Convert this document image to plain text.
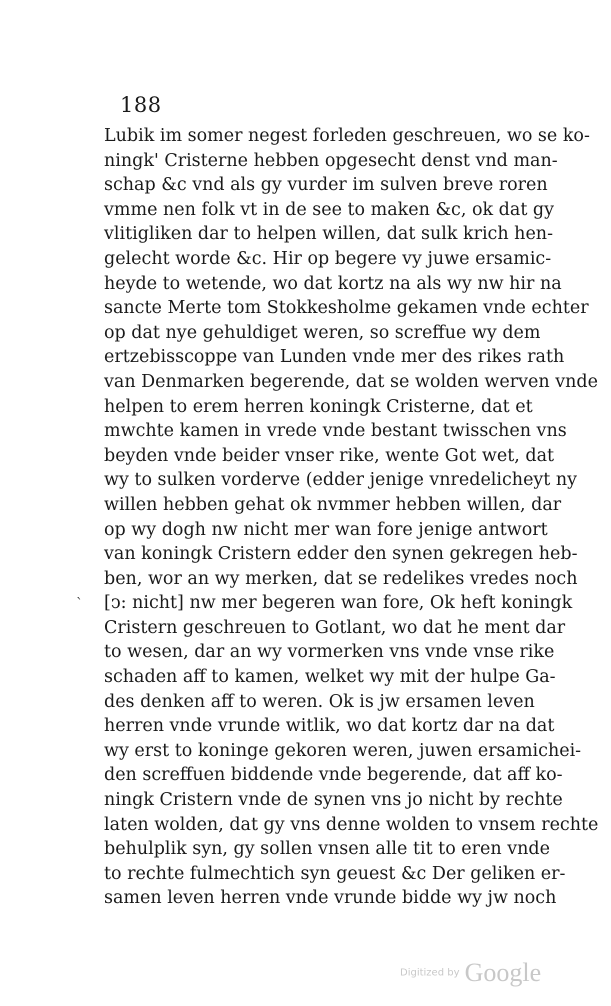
188
`
Lubik im somer negest forleden geschreuen, wo se ko-
ningk' Cristerne hebben opgesecht denst vnd man-
schap &c vnd als gy vurder im sulven breve roren
vmme nen folk vt in de see to maken &c, ok dat gy
vlitigliken dar to helpen willen, dat sulk krich hen-
gelecht worde &c. Hir op begere vy juwe ersamic-
heyde to wetende, wo dat kortz na als wy nw hir na
sancte Merte tom Stokkesholme gekamen vnde echter
op dat nye gehuldiget weren, so screffue wy dem
ertzebisscoppe van Lunden vnde mer des rikes rath
van Denmarken begerende, dat se wolden werven vnde
helpen to erem herren koningk Cristerne, dat et
mwchte kamen in vrede vnde bestant twisschen vns
beyden vnde beider vnser rike, wente Got wet, dat
wy to sulken vorderve (edder jenige vnredelicheyt ny
willen hebben gehat ok nvmmer hebben willen, dar
op wy dogh nw nicht mer wan fore jenige antwort
van koningk Cristern edder den synen gekregen heb-
ben, wor an wy merken, dat se redelikes vredes noch
[ↄ: nicht] nw mer begeren wan fore, Ok heft koningk
Cristern geschreuen to Gotlant, wo dat he ment dar
to wesen, dar an wy vormerken vns vnde vnse rike
schaden aff to kamen, welket wy mit der hulpe Ga-
des denken aff to weren. Ok is jw ersamen leven
herren vnde vrunde witlik, wo dat kortz dar na dat
wy erst to koninge gekoren weren, juwen ersamichei-
den screffuen biddende vnde begerende, dat aff ko-
ningk Cristern vnde de synen vns jo nicht by rechte
laten wolden, dat gy vns denne wolden to vnsem rechte
behulplik syn, gy sollen vnsen alle tit to eren vnde
to rechte fulmechtich syn geuest &c Der geliken er-
samen leven herren vnde vrunde bidde wy jw noch
Digitized by Google
